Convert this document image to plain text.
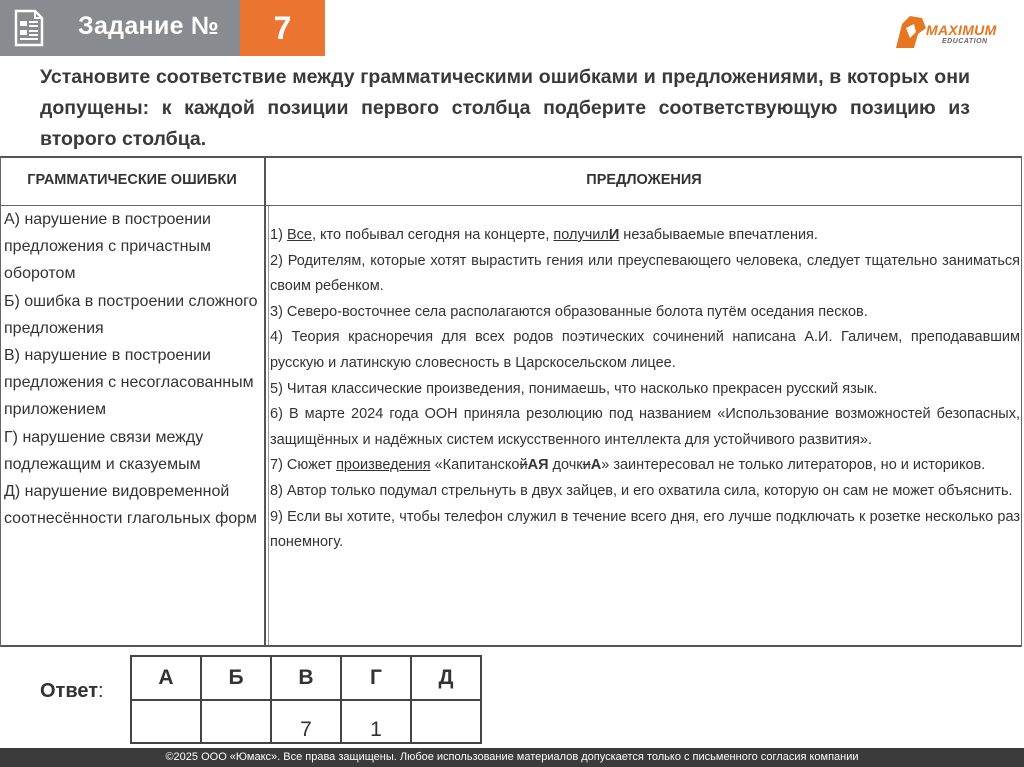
Задание №	7	MAXIMUM
EDUCATION
Установите соответствие между грамматическими ошибками и предложениями, в которых они допущены: к каждой позиции первого столбца подберите соответствующую позицию из второго столбца.
ГРАММАТИЧЕСКИЕ ОШИБКИ	ПРЕДЛОЖЕНИЯ
А) нарушение в построении предложения с причастным оборотом
Б) ошибка в построении сложного предложения
В) нарушение в построении предложения с несогласованным приложением
Г) нарушение связи между подлежащим и сказуемым
Д) нарушение видовременной соотнесённости глагольных форм

1) Все, кто побывал сегодня на концерте, получилИ незабываемые впечатления.

2) Родителям, которые хотят вырастить гения или преуспевающего человека, следует тщательно заниматься своим ребенком.

3) Северо-восточнее села располагаются образованные болота путём оседания песков.

4) Теория красноречия для всех родов поэтических сочинений написана А.И. Галичем, преподававшим русскую и латинскую словесность в Царскосельском лицее.

5) Читая классические произведения, понимаешь, что насколько прекрасен русский язык.

6) В марте 2024 года ООН приняла резолюцию под названием «Использование возможностей безопасных, защищённых и надёжных систем искусственного интеллекта для устойчивого развития».

7) Сюжет произведения «КапитанскойАЯ дочкиА» заинтересовал не только литераторов, но и историков.

8) Автор только подумал стрельнуть в двух зайцев, и его охватила сила, которую он сам не может объяснить.

9) Если вы хотите, чтобы телефон служил в течение всего дня, его лучше подключать к розетке несколько раз понемногу.

Ответ:
А	Б	В	Г	Д
		7	1	
©2025 ООО «Юмакс». Все права защищены. Любое использование материалов допускается только с письменного согласия компании
